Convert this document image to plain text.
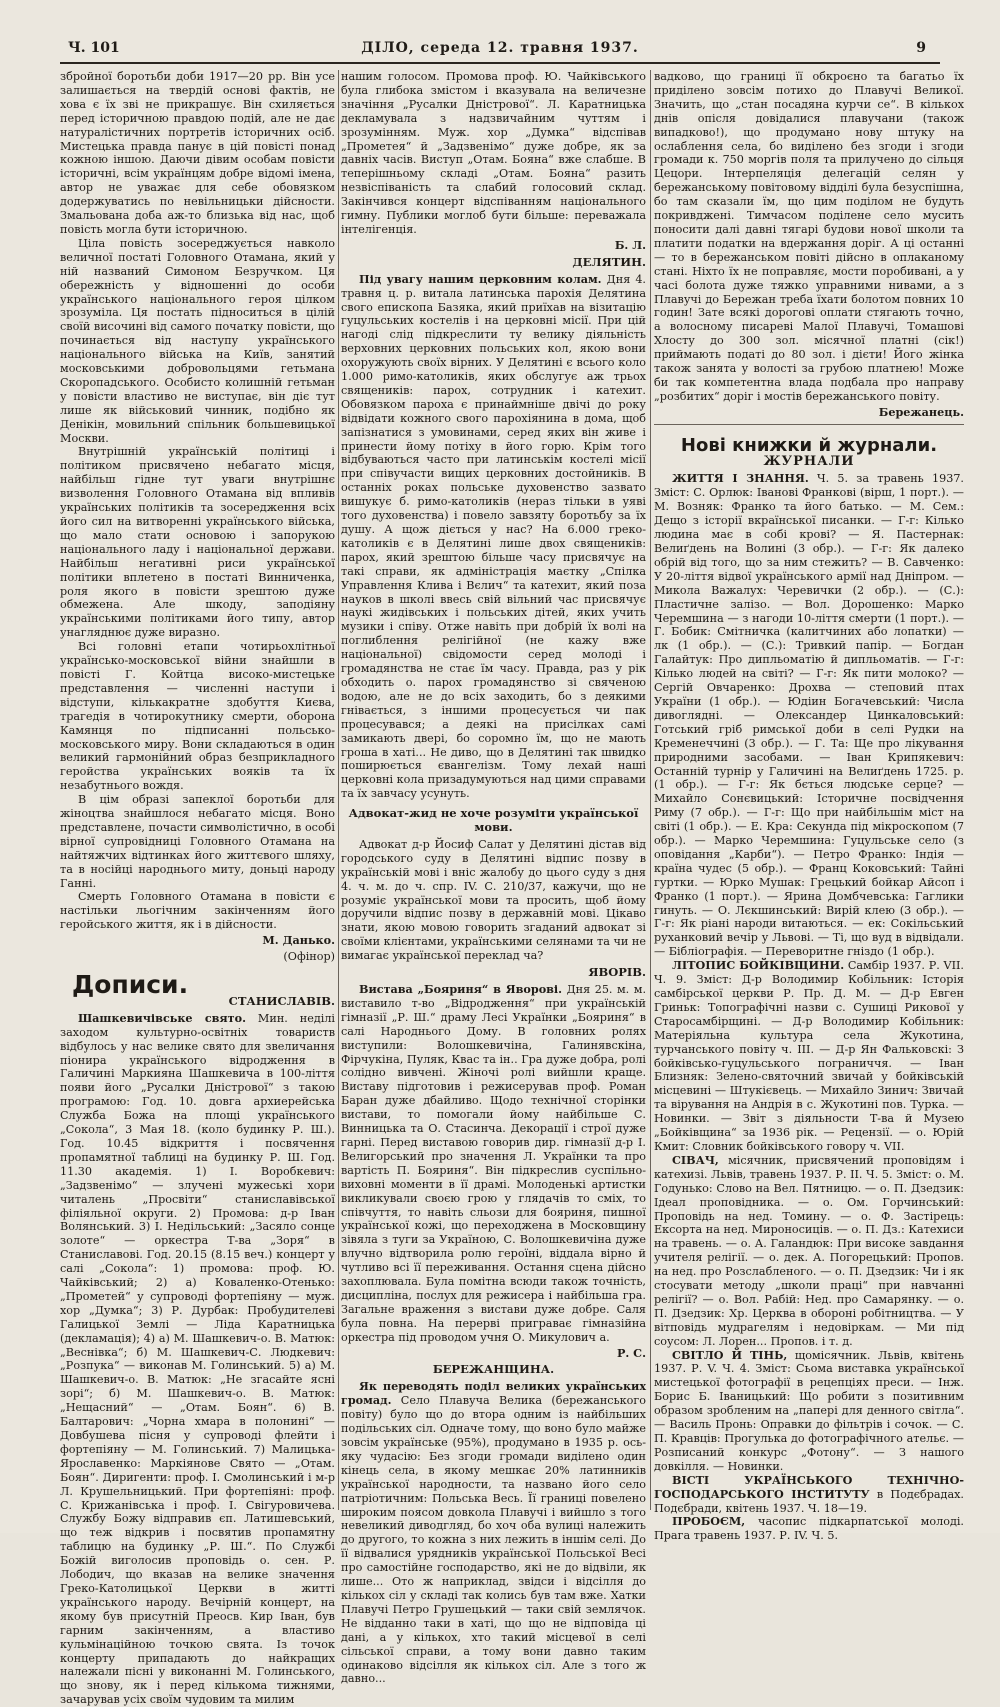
Ч. 101	ДІЛО, середа 12. травня 1937.	9

збройної боротьби доби 1917—20 рр. Він усе залишається на твердій основі фактів, не хова є їх зві не прикрашує. Він схиляється перед історичною правдою подій, але не дає натуралістичних портретів історичних осіб. Мистецька правда панує в цій повісті понад кожною іншою. Даючи дівим особам повісти історичні, всім українцям добре відомі імена, автор не уважає для себе обовязком додержуватись по невільницьки дійсности. Змальована доба аж-то близька від нас, щоб повість могла бути історичною.

Ціла повість зосереджується навколо величної постаті Головного Отамана, який у ній названий Симоном Безручком. Ця обережність у відношенні до особи українського національного героя цілком зрозуміла. Ця постать підноситься в цілій своїй височині від самого початку повісти, що починається від наступу українського національного війська на Київ, занятий московськими добровольцями гетьмана Скоропадського. Особисто колишній гетьман у повісти властиво не виступає, він діє тут лише як військовий чинник, подібно як Денікін, мовильний спільник большевицької Москви.

Внутрішній українській політиці і політиком присвячено небагато місця, найбільш гідне тут уваги внутрішнє визволення Головного Отамана від впливів українських політиків та зосередження всіх його сил на витворенні українського війська, що мало стати основою і запорукою національного ладу і національної держави. Найбільш негативні риси української політики вплетено в постаті Винниченка, роля якого в повісти зрештою дуже обмежена. Але шкоду, заподіяну українськими політиками його типу, автор унагляднює дуже виразно.

Всі головні етапи чотирьохлітньої українсько-московської війни знайшли в повісті Г. Койтца високо-мистецьке представлення — численні наступи і відступи, кількакратне здобуття Києва, трагедія в чотирокутнику смерти, оборона Камянця по підписанні польсько-московського миру. Вони складаються в один великий гармонійний образ безприкладного геройства українських вояків та їх незабутнього вождя.

В цім образі запеклої боротьби для жіноцтва знайшлося небагато місця. Воно представлене, почасти символістично, в особі вірної супровідниці Головного Отамана на найтяжчих відтинках його життєвого шляху, та в носійці народнього миту, доньці народу Ганні.

Смерть Головного Отамана в повісти є настільки льогічним закінченням його геройського життя, як і в дійсности.

М. Данько.
(Офінор)
Дописи.
СТАНИСЛАВІВ.

Шашкевичівське свято. Мин. неділі заходом культурно-освітніх товариств відбулось у нас велике свято для звеличання піонира українського відродження в Галичині Маркияна Шашкевича в 100-ліття появи його „Русалки Дністрової“ з такою програмою: Год. 10. довга архиерейська Служба Божа на площі українського „Сокола“, 3 Мая 18. (коло будинку Р. Ш.). Год. 10.45 відкриття і посвячення пропамятної таблиці на будинку Р. Ш. Год. 11.30 академія. 1) І. Воробкевич: „Задзвенімо“ — злучені мужеські хори читалень „Просвіти“ станиславівської філіяльної округи. 2) Промова: д-р Іван Волянський. 3) І. Недільський: „Засяло сонце золоте“ — оркестра Т-ва „Зоря“ в Станиславові. Год. 20.15 (8.15 веч.) концерт у салі „Сокола“: 1) промова: проф. Ю. Чайківський; 2) а) Коваленко-Отенько: „Прометей“ у супроводі фортепіяну — муж. хор „Думка“; 3) Р. Дурбак: Пробудителеві Галицької Землі — Ліда Каратницька (декламація); 4) а) М. Шашкевич-о. В. Матюк: „Веснівка“; б) М. Шашкевич-С. Людкевич: „Розпука“ — виконав М. Голинський. 5) а) М. Шашкевич-о. В. Матюк: „Не згасайте ясні зорі“; б) М. Шашкевич-о. В. Матюк: „Нещасний“ — „Отам. Боян“. 6) В. Балтарович: „Чорна хмара в полонині“ — Довбушева пісня у супроводі флейти і фортепіяну — М. Голинський. 7) Малицька-Ярославенко: Маркіянове Свято — „Отам. Боян“. Диригенти: проф. І. Смолинський і м-р Л. Крушельницький. При фортепіяні: проф. С. Крижанівська і проф. І. Свігуровичева. Службу Божу відправив єп. Латишевський, що теж відкрив і посвятив пропамятну таблицю на будинку „Р. Ш.“. По Службі Божій виголосив проповідь о. сен. Р. Лободич, що вказав на велике значення Греко-Католицької Церкви в житті українського народу. Вечірній концерт, на якому був присутній Преосв. Кир Іван, був гарним закінченням, а властиво кульмінаційною точкою свята. Із точок концерту припадають до найкращих належали пісні у виконанні М. Голинського, що знову, як і перед кількома тижнями, зачарував усіх своїм чудовим та милим

нашим голосом. Промова проф. Ю. Чайківського була глибока змістом і вказувала на величезне значіння „Русалки Дністрової“. Л. Каратницька декламувала з надзвичайним чуттям і зрозумінням. Муж. хор „Думка“ відспівав „Прометея“ й „Задзвенімо“ дуже добре, як за давніх часів. Виступ „Отам. Бояна“ вже слабше. В теперішньому складі „Отам. Бояна“ разить незвіспіваність та слабий голосовий склад. Закінчився концерт відспіванням національного гимну. Публики моглоб бути більше: переважала інтелігенція.

Б. Л.
ДЕЛЯТИН.

Під увагу нашим церковним колам. Дня 4. травня ц. р. витала латинська парохія Делятина свого епископа Базяка, який приїхав на візитацію гуцульських костелів і на церковні місії. При цій нагоді слід підкреслити ту велику діяльність верховних церковних польських кол, якою вони охоружують своїх вірних. У Делятині є всього коло 1.000 римо-католиків, яких обслугує аж трьох священиків: парох, сотрудник і катехит. Обовязком пароха є принаймніше двічі до року відвідати кожного свого парохіянина в дома, щоб запізнатися з умовинами, серед яких він живе і принести йому потіху в його горю. Крім того відбуваються часто при латинськім костелі місії при співучасти вищих церковних достойників. В останніх роках польське духовенство зазвато вишукує б. римо-католиків (нераз тільки в уяві того духовенства) і повело завзяту боротьбу за їх душу. А щож діється у нас? На 6.000 греко-католиків є в Делятині лише двох священиків: парох, який зрештою більше часу присвячує на такі справи, як адміністрація маєтку „Спілка Управлення Клива і Вєлич“ та катехит, який поза науков в школі ввесь свій вільний час присвячує наукі жидівських і польських дітей, яких учить музики і співу. Отже навіть при добрій їх волі на поглиблення релігійної (не кажу вже національної) свідомости серед молоді і громадянства не стає їм часу. Правда, раз у рік обходить о. парох громадянство зі свяченою водою, але не до всіх заходить, бо з деякими гнівається, з іншими процесується чи пак процесувався; а деякі на присілках самі замикають двері, бо соромно їм, що не мають гроша в хаті... Не диво, що в Делятині так швидко поширюється євангелізм. Тому лехай наші церковні кола призадумуються над цими справами та їх завчасу усунуть.

Адвокат-жид не хоче розуміти української мови.

Адвокат д-р Йосиф Салат у Делятині дістав від городського суду в Делятині відпис позву в українській мові і вніс жалобу до цього суду з дня 4. ч. м. до ч. спр. IV. С. 210/37, кажучи, що не розуміє української мови та просить, щоб йому доручили відпис позву в державній мові. Цікаво знати, якою мовою говорить згаданий адвокат зі своїми клієнтами, українськими селянами та чи не вимагає української переклад ча?

ЯВОРІВ.

Вистава „Бояриня“ в Яворові. Дня 25. м. м. виставило т-во „Відродження“ при українській гімназії „Р. Ш.“ драму Лесі Українки „Бояриня“ в салі Народнього Дому. В головних ролях виступили: Волошкевичіна, Галинявскіна, Фірчукіна, Пуляк, Квас та ін.. Гра дуже добра, ролі солідно вивчені. Жіночі ролі вийшли краще. Виставу підготовив і режисерував проф. Роман Баран дуже дбайливо. Щодо технічної сторінки вистави, то помогали йому найбільше С. Винницька та О. Стасинча. Декорації і строї дуже гарні. Перед виставою говорив дир. гімназії д-р І. Велигорський про значення Л. Українки та про вартість П. Бояриня“. Він підкреслив суспільно-виховні моменти в її драмі. Молоденькі артистки викликували своєю грою у глядачів то сміх, то співчуття, то навіть сльози для бояриня, пишної української кожі, що переходжена в Московщину зівяла з туги за Україною, С. Волошкевичіна дуже влучно відтворила ролю героїні, віддала вірно й чутливо всі її переживання. Остання сцена дійсно захоплювала. Була помітна всюди також точність, дисципліна, послух для режисера і найбільша гра. Загальне враження з вистави дуже добре. Саля була повна. На перерві приграває гімназійна оркестра під проводом учня О. Микулович а.

Р. С.
БЕРЕЖАНЩИНА.

Як переводять поділ великих українських громад. Село Плавуча Велика (бережанського повіту) було що до втора одним із найбільших подільських сіл. Одначе тому, що воно було майже зовсім українське (95%), продумано в 1935 р. ось-яку чудасію: Без згоди громади виділено один кінець села, в якому мешкає 20% латинників української народности, та названо його село патріотичним: Польська Весь. Її границі повелено широким поясом довкола Плавучі і вийшло з того невеликий диводгляд, бо хоч оба вулиці належить до другого, то кожна з них лежить в іншім селі. До її відвалися урядників української Польської Весі про самостійне господарство, які не до відвіли, як лише... Ото ж наприклад, звідси і відсілля до кількох сіл у складі так колись був там вже. Хатки Плавучі Петро Грушецький — таки свій землячок. Не відданно таки в хаті, що що не відповіда ці дані, а у кількох, хто такий місцевої в селі сільської справи, а тому вони давно таким одинаково відсілля як кількох сіл. Але з того ж давно...

вадково, що границі її обкроєно та багатьо їх приділено зовсім потихо до Плавучі Великої. Значить, що „стан посадяна курчи се“. В кількох днів опісля довідалися плавучани (також випадково!), що продумано нову штуку на ослаблення села, бо виділено без згоди і згоди громади к. 750 моргів поля та прилучено до сільця Цецори. Інтерпеляція делегацій селян у бережанському повітовому відділі була безуспішна, бо там сказали їм, що цим поділом не будуть покривджені. Тимчасом поділене село мусить поносити далі давні тягарі будови нової школи та платити податки на вдержання доріг. А ці останні — то в бережанськом повіті дійсно в оплаканому стані. Ніхто їх не поправляє, мости поробивані, а у часі болота дуже тяжко управними нивами, а з Плавучі до Бережан треба їхати болотом повних 10 годин! Зате всякі дорогові оплати стягають точно, а волосному писареві Малої Плавучі, Томашові Хлосту до 300 зол. місячної платні (сік!) приймають податі до 80 зол. і дієти! Його жінка також занята у волості за грубою платнею! Може би так компетентна влада подбала про направу „розбитих“ доріг і мостів бережанського повіту.

Бережанець.
Нові книжки й журнали.
ЖУРНАЛИ

ЖИТТЯ І ЗНАННЯ. Ч. 5. за травень 1937. Зміст: С. Орлюк: Іванові Франкові (вірш, 1 порт.). — М. Возняк: Франко та його батько. — М. Сем.: Дещо з історії вкраїнської писанки. — Г-г: Кілько людина має в собі крові? — Я. Пастернак: Велиґдень на Волині (3 обр.). — Г-г: Як далеко обрій від того, що за ним стежить? — В. Савченко: У 20-ліття відвої українського армії над Дніпром. — Микола Важалух: Черевички (2 обр.). — (С.): Пластичне залізо. — Вол. Дорошенко: Марко Черемшина — з нагоди 10-ліття смерти (1 порт.). — Г. Бобик: Смітничка (калитчиних або лопатки) — лк (1 обр.). — (С.): Тривкий папір. — Богдан Галайтук: Про дипльоматію й дипльоматів. — Г-г: Кілько людей на світі? — Г-г: Як пити молоко? — Сергій Овчаренко: Дрохва — степовий птах України (1 обр.). — Юдіин Богачевський: Числа дивоглядні. — Олександер Цинкаловський: Готський гріб римської доби в селі Рудки на Кременеччині (3 обр.). — Г. Та: Ще про лікування природними засобами. — Іван Крипякевич: Останній турнір у Галичині на Велиґдень 1725. р. (1 обр.). — Г-г: Як бється людське серце? — Михайло Сонєвицький: Історичне посвідчення Риму (7 обр.). — Г-г: Що при найбільшім міст на світі (1 обр.). — Е. Кра: Секунда під мікроскопом (7 обр.). — Марко Черемшина: Гуцульське село (з оповідання „Карби“). — Петро Франко: Індія — країна чудес (5 обр.). — Франц Коковський: Тайні гуртки. — Юрко Мушак: Грецький бойкар Айсоп і Франко (1 порт.). — Ярина Домбчевська: Гаглики гинуть. — О. Лєкшинський: Вирій клею (3 обр.). — Г-г: Як ріані народи витаються. — ек: Сокільський руханковий вечір у Львові. — Ті, що вуд в відвідали. — Бібліографія. — Переворитне гніздо (1 обр.).

ЛІТОПИС БОЙКІВЩИНИ. Самбір 1937. Р. VII. Ч. 9. Зміст: Д-р Володимир Кобільник: Історія самбірської церкви Р. Пр. Д. М. — Д-р Евген Гриньк: Топографічні назви с. Сушиці Рикової у Старосамбірщині. — Д-р Володимир Кобільник: Матеріяльна культура села Жукотина, турчанського повіту ч. III. — Д-р Ян Фальковскі: З бойківсько-гуцульського пограниччя. — Іван Близняк: Зелено-святочний звичай у бойківській місцевині — Штукієвець. — Михайло Зинич: Звичай та вірування на Андрія в с. Жукотині пов. Турка. — Новинки. — Звіт з діяльности Т-ва й Музею „Бойківщина“ за 1936 рік. — Рецензії. — о. Юрій Кмит: Словник бойківського говору ч. VII.

СІВАЧ, місячник, присвячений проповідям і катехизі. Львів, травень 1937. Р. II. Ч. 5. Зміст: о. М. Годунько: Слово на Вел. Пятницю. — о. П. Дзедзик: Ідеал проповідника. — о. Ом. Горчинський: Проповідь на нед. Томину. — о. Ф. Застірець: Ексорта на нед. Мироносиців. — о. П. Дз.: Катехиси на травень. — о. А. Галандюк: При високе завдання учителя релігії. — о. дек. А. Погорецький: Пропов. на нед. про Розслабленого. — о. П. Дзедзик: Чи і як стосувати методу „школи праці“ при навчанні релігії? — о. Вол. Рабій: Нед. про Самарянку. — о. П. Дзедзик: Хр. Церква в обороні робітництва. — У вітповідь мудрагелям і недовіркам. — Ми під соусом: Л. Лорен... Пропов. і т. д.

СВІТЛО Й ТІНЬ, щомісячник. Львів, квітень 1937. Р. V. Ч. 4. Зміст: Сьома виставка української мистецької фотографії в рецепціях преси. — Інж. Борис Б. Іваницький: Що робити з позитивним образом зробленим на „папері для денного світла“. — Василь Пронь: Оправки до фільтрів і сочок. — С. П. Кравців: Прогулька до фотографічного ательє. — Розписаний конкурс „Фотону“. — З нашого довкілля. — Новинки.

ВІСТІ УКРАЇНСЬКОГО ТЕХНІЧНО-ГОСПОДАРСЬКОГО ІНСТИТУТУ в Подєбрадах. Подєбради, квітень 1937. Ч. 18—19.

ПРОБОЄМ, часопис підкарпатської молоді. Прага травень 1937. Р. IV. Ч. 5.
